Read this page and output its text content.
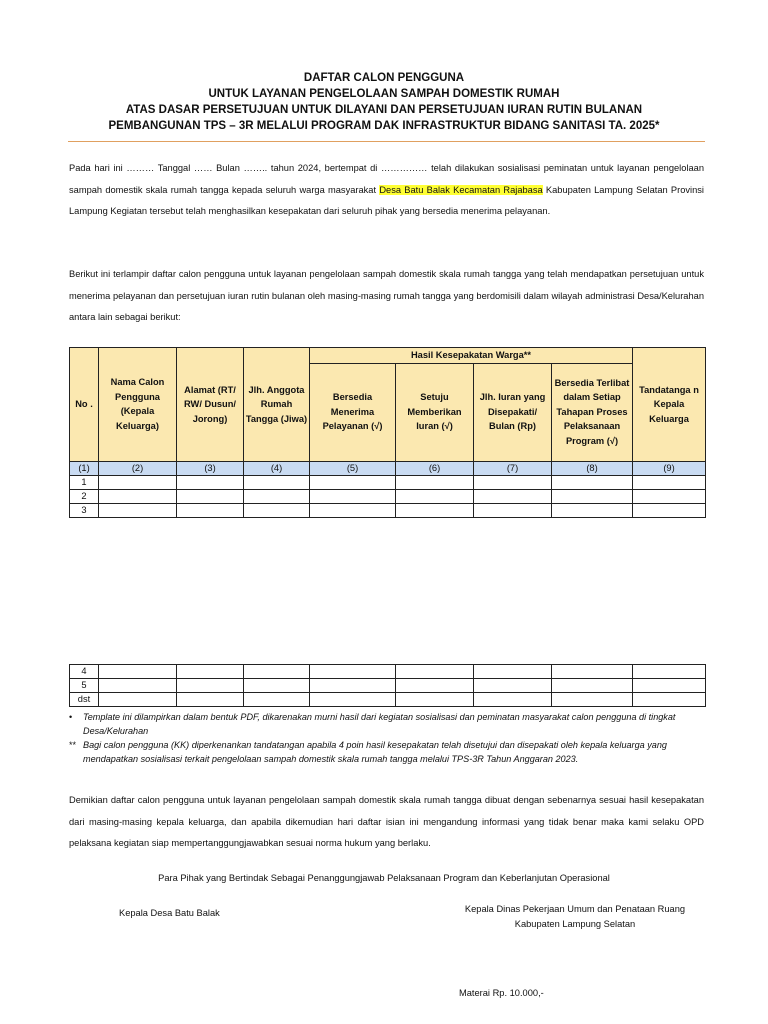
DAFTAR CALON PENGGUNA
UNTUK LAYANAN PENGELOLAAN SAMPAH DOMESTIK RUMAH
ATAS DASAR PERSETUJUAN UNTUK DILAYANI DAN PERSETUJUAN IURAN RUTIN BULANAN
PEMBANGUNAN TPS – 3R MELALUI PROGRAM DAK INFRASTRUKTUR BIDANG SANITASI TA. 2025*

Pada hari ini ……… Tanggal …… Bulan …….. tahun 2024, bertempat di …………… telah dilakukan sosialisasi peminatan untuk layanan pengelolaan sampah domestik skala rumah tangga kepada seluruh warga masyarakat Desa Batu Balak Kecamatan Rajabasa Kabupaten Lampung Selatan Provinsi Lampung Kegiatan tersebut telah menghasilkan kesepakatan dari seluruh pihak yang bersedia menerima pelayanan.

Berikut ini terlampir daftar calon pengguna untuk layanan pengelolaan sampah domestik skala rumah tangga yang telah mendapatkan persetujuan untuk menerima pelayanan dan persetujuan iuran rutin bulanan oleh masing-masing rumah tangga yang berdomisili dalam wilayah administrasi Desa/Kelurahan antara lain sebagai berikut:

No .	Nama Calon Pengguna (Kepala Keluarga)	Alamat (RT/ RW/ Dusun/ Jorong)	Jlh. Anggota Rumah Tangga (Jiwa)	Hasil Kesepakatan Warga**				Tandatanga n Kepala Keluarga
				Bersedia Menerima Pelayanan (√)	Setuju Memberikan Iuran (√)	Jlh. Iuran yang Disepakati/ Bulan (Rp)	Bersedia Terlibat dalam Setiap Tahapan Proses Pelaksanaan Program (√)	
(1)	(2)	(3)	(4)	(5)	(6)	(7)	(8)	(9)
1								
2								
3								
4								
5								
dst								
• Template ini dilampirkan dalam bentuk PDF, dikarenakan murni hasil dari kegiatan sosialisasi dan peminatan masyarakat calon pengguna di tingkat Desa/Kelurahan
** Bagi calon pengguna (KK) diperkenankan tandatangan apabila 4 poin hasil kesepakatan telah disetujui dan disepakati oleh kepala keluarga yang mendapatkan sosialisasi terkait pengelolaan sampah domestik skala rumah tangga melalui TPS-3R Tahun Anggaran 2023.

Demikian daftar calon pengguna untuk layanan pengelolaan sampah domestik skala rumah tangga dibuat dengan sebenarnya sesuai hasil kesepakatan dari masing-masing kepala keluarga, dan apabila dikemudian hari daftar isian ini mengandung informasi yang tidak benar maka kami selaku OPD pelaksana kegiatan siap mempertanggungjawabkan sesuai norma hukum yang berlaku.

Para Pihak yang Bertindak Sebagai Penanggungjawab Pelaksanaan Program dan Keberlanjutan Operasional
Kepala Desa Batu Balak	Kepala Dinas Pekerjaan Umum dan Penataan Ruang
Kabupaten Lampung Selatan
Materai Rp. 10.000,-
